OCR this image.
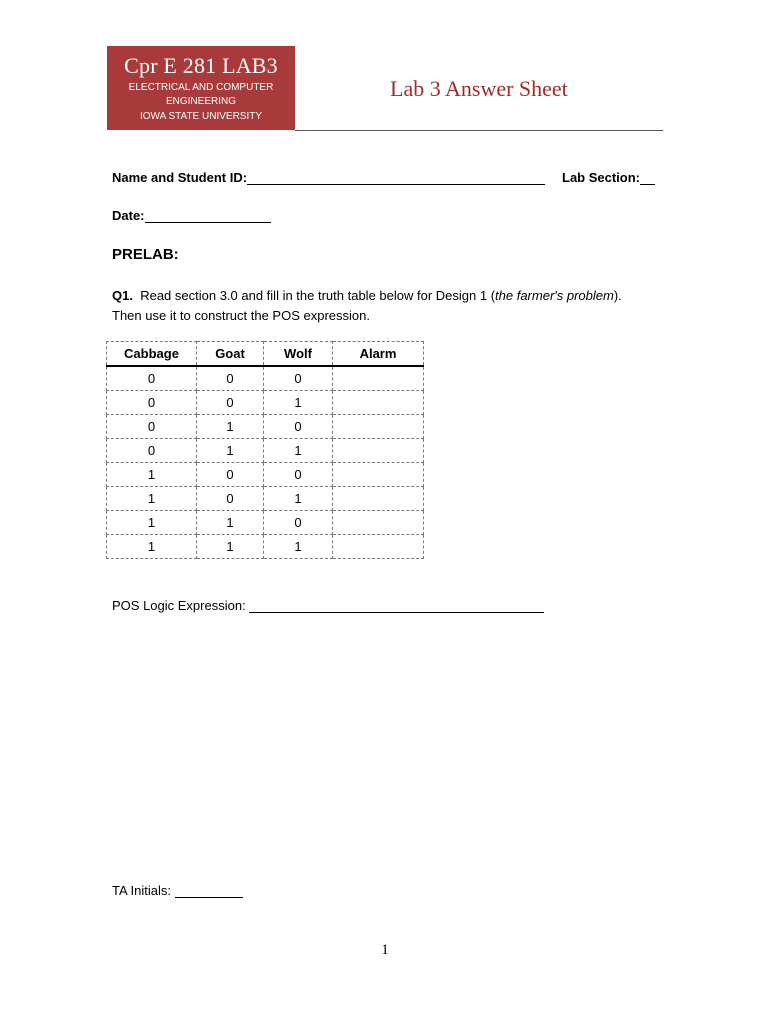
Cpr E 281 LAB3
ELECTRICAL AND COMPUTER
ENGINEERING
IOWA STATE UNIVERSITY
Lab 3 Answer Sheet
Name and Student ID:	Lab Section:
Date:
PRELAB:
Q1. Read section 3.0 and fill in the truth table below for Design 1 (the farmer's problem). Then use it to construct the POS expression.
Cabbage	Goat	Wolf	Alarm
0	0	0	
0	0	1	
0	1	0	
0	1	1	
1	0	0	
1	0	1	
1	1	0	
1	1	1	
POS Logic Expression:
TA Initials:
1
